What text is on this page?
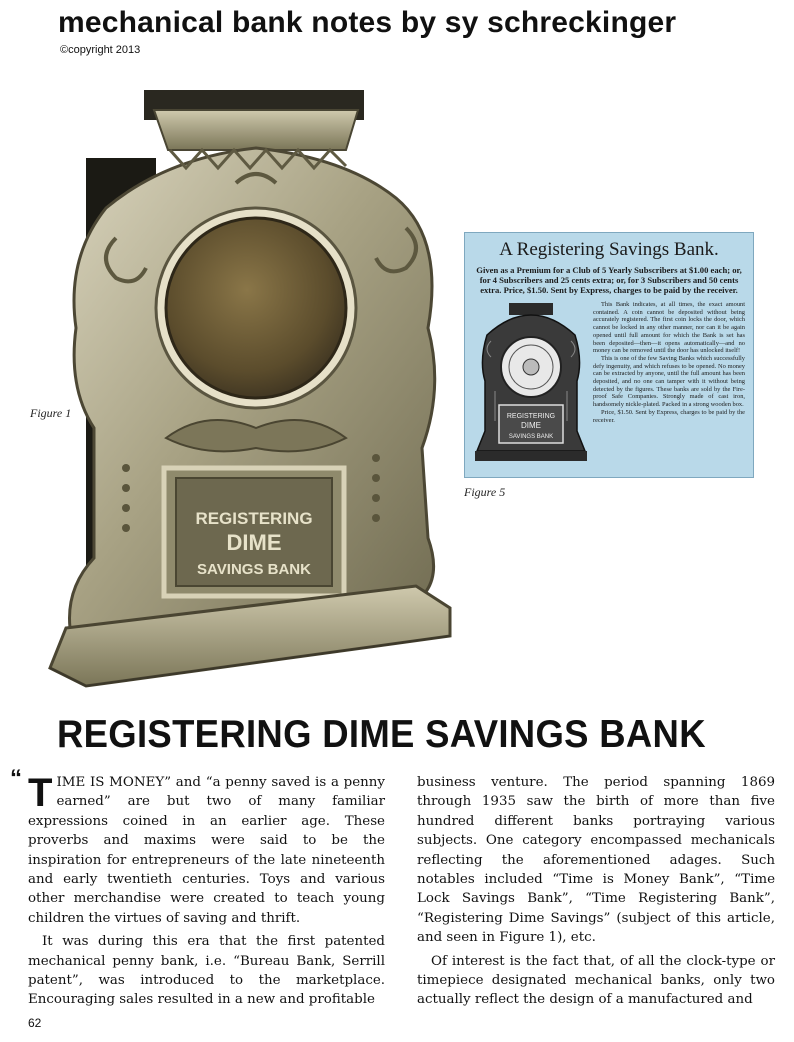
mechanical bank notes by sy schreckinger
©copyright 2013
REGISTERING
DIME
SAVINGS BANK
Figure 1
A Registering Savings Bank.
Given as a Premium for a Club of 5 Yearly Subscribers at $1.00 each; or, for 4 Subscribers and 25 cents extra; or, for 3 Subscribers and 50 cents extra. Price, $1.50. Sent by Express, charges to be paid by the receiver.
REGISTERING
DIME
SAVINGS BANK

This Bank indicates, at all times, the exact amount contained. A coin cannot be deposited without being accurately registered. The first coin locks the door, which cannot be locked in any other manner, nor can it be again opened until full amount for which the Bank is set has been deposited—then—it opens automatically—and no money can be removed until the door has unlocked itself!

This is one of the few Saving Banks which successfully defy ingenuity, and which refuses to be opened. No money can be extracted by anyone, until the full amount has been deposited, and no one can tamper with it without being detected by the figures. These banks are sold by the Fire-proof Safe Companies. Strongly made of cast iron, handsomely nickle-plated. Packed in a strong wooden box.

Price, $1.50. Sent by Express, charges to be paid by the receiver.

Figure 5
REGISTERING DIME SAVINGS BANK

“ T IME IS MONEY” and “a penny saved is a penny earned” are but two of many familiar expressions coined in an earlier age. These proverbs and maxims were said to be the inspiration for entrepreneurs of the late nineteenth and early twentieth centuries. Toys and various other merchandise were created to teach young children the virtues of saving and thrift.

It was during this era that the first patented mechanical penny bank, i.e. “Bureau Bank, Serrill patent”, was introduced to the marketplace. Encouraging sales resulted in a new and profitable

business venture. The period spanning 1869 through 1935 saw the birth of more than five hundred different banks portraying various subjects. One category encompassed mechanicals reflecting the aforementioned adages. Such notables included “Time is Money Bank”, “Time Lock Savings Bank”, “Time Registering Bank”, “Registering Dime Savings” (subject of this article, and seen in Figure 1), etc.

Of interest is the fact that, of all the clock-type or timepiece designated mechanical banks, only two actually reflect the design of a manufactured and

62
